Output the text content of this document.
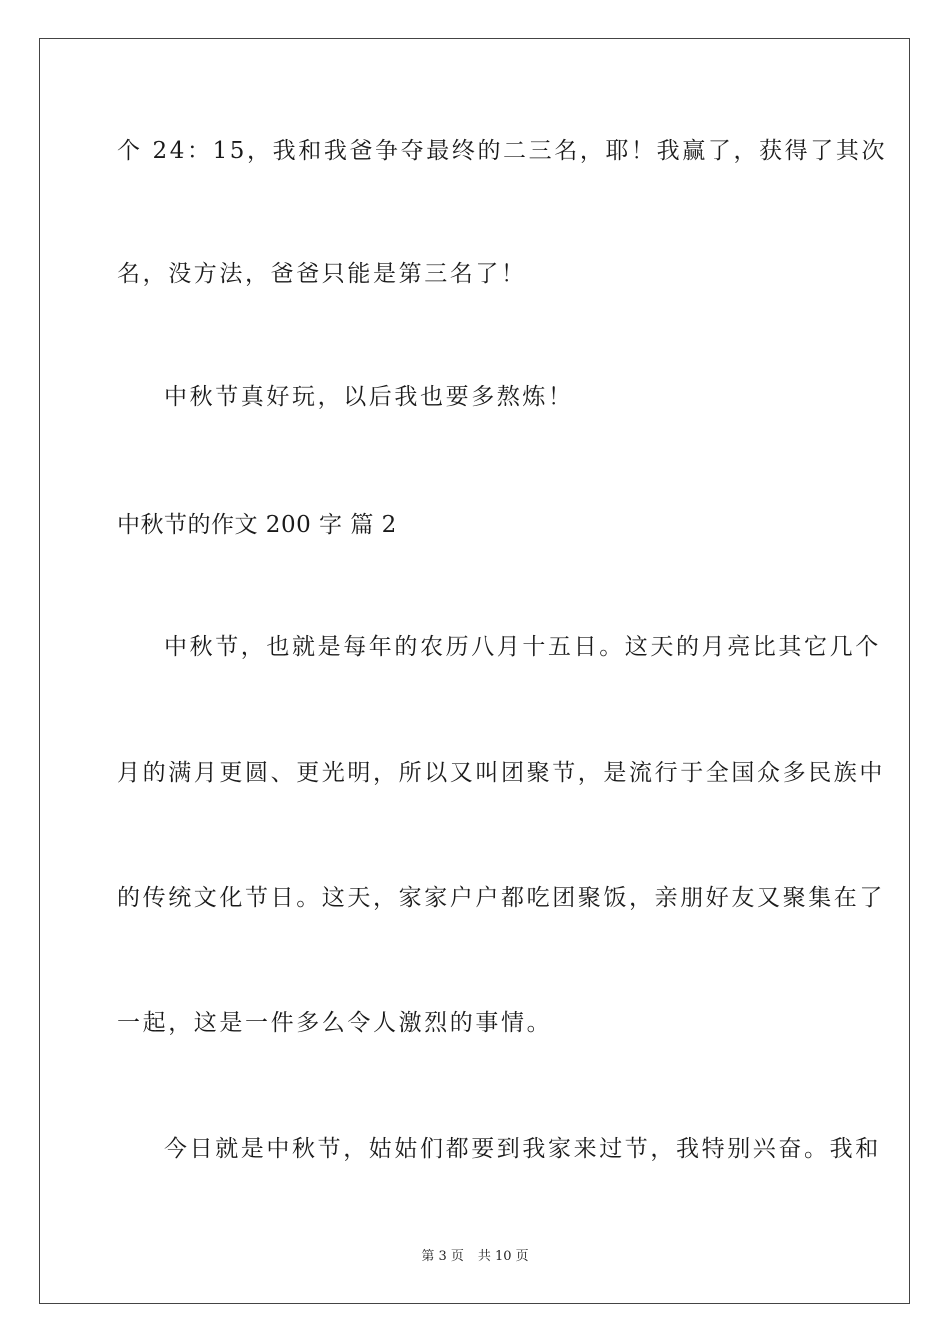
个 24：15，我和我爸争夺最终的二三名，耶！我赢了，获得了其次
名，没方法，爸爸只能是第三名了！
中秋节真好玩，以后我也要多熬炼！
中秋节的作文 200 字 篇 2
中秋节，也就是每年的农历八月十五日。这天的月亮比其它几个
月的满月更圆、更光明，所以又叫团聚节，是流行于全国众多民族中
的传统文化节日。这天，家家户户都吃团聚饭，亲朋好友又聚集在了
一起，这是一件多么令人激烈的事情。
今日就是中秋节，姑姑们都要到我家来过节，我特别兴奋。我和
第 3 页 共 10 页
